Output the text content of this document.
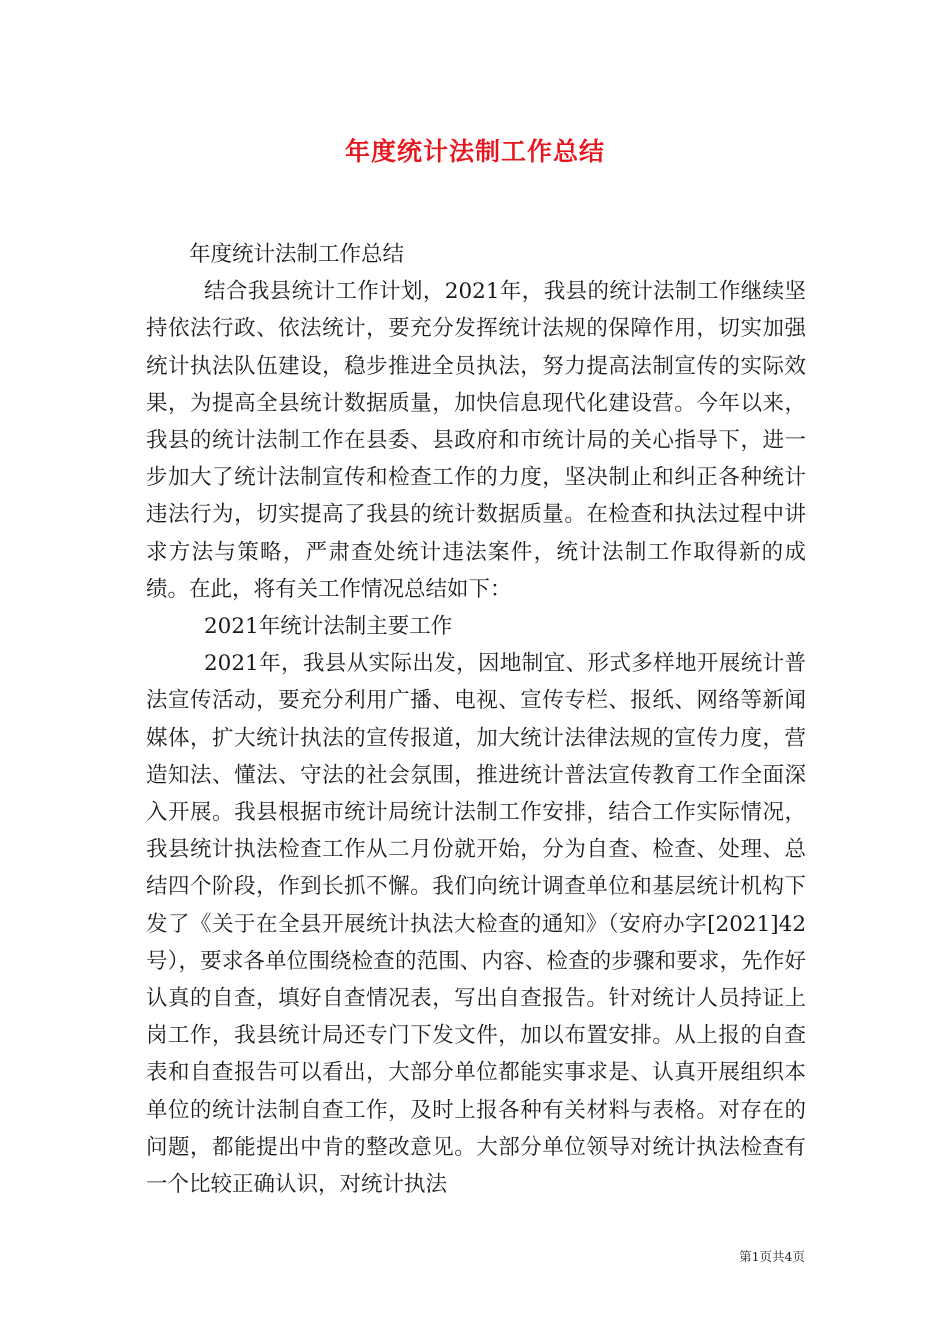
年度统计法制工作总结

年度统计法制工作总结

结合我县统计工作计划，2021年，我县的统计法制工作继续坚持依法行政、依法统计，要充分发挥统计法规的保障作用，切实加强统计执法队伍建设，稳步推进全员执法，努力提高法制宣传的实际效果，为提高全县统计数据质量，加快信息现代化建设营。今年以来，我县的统计法制工作在县委、县政府和市统计局的关心指导下，进一步加大了统计法制宣传和检查工作的力度，坚决制止和纠正各种统计违法行为，切实提高了我县的统计数据质量。在检查和执法过程中讲求方法与策略，严肃查处统计违法案件，统计法制工作取得新的成绩。在此，将有关工作情况总结如下：

2021年统计法制主要工作

2021年，我县从实际出发，因地制宜、形式多样地开展统计普法宣传活动，要充分利用广播、电视、宣传专栏、报纸、网络等新闻媒体，扩大统计执法的宣传报道，加大统计法律法规的宣传力度，营造知法、懂法、守法的社会氛围，推进统计普法宣传教育工作全面深入开展。我县根据市统计局统计法制工作安排，结合工作实际情况，我县统计执法检查工作从二月份就开始，分为自查、检查、处理、总结四个阶段，作到长抓不懈。我们向统计调查单位和基层统计机构下发了《关于在全县开展统计执法大检查的通知》（安府办字[2021]42号），要求各单位围绕检查的范围、内容、检查的步骤和要求，先作好认真的自查，填好自查情况表，写出自查报告。针对统计人员持证上岗工作，我县统计局还专门下发文件，加以布置安排。从上报的自查表和自查报告可以看出，大部分单位都能实事求是、认真开展组织本单位的统计法制自查工作，及时上报各种有关材料与表格。对存在的问题，都能提出中肯的整改意见。大部分单位领导对统计执法检查有一个比较正确认识，对统计执法

第1页共4页
